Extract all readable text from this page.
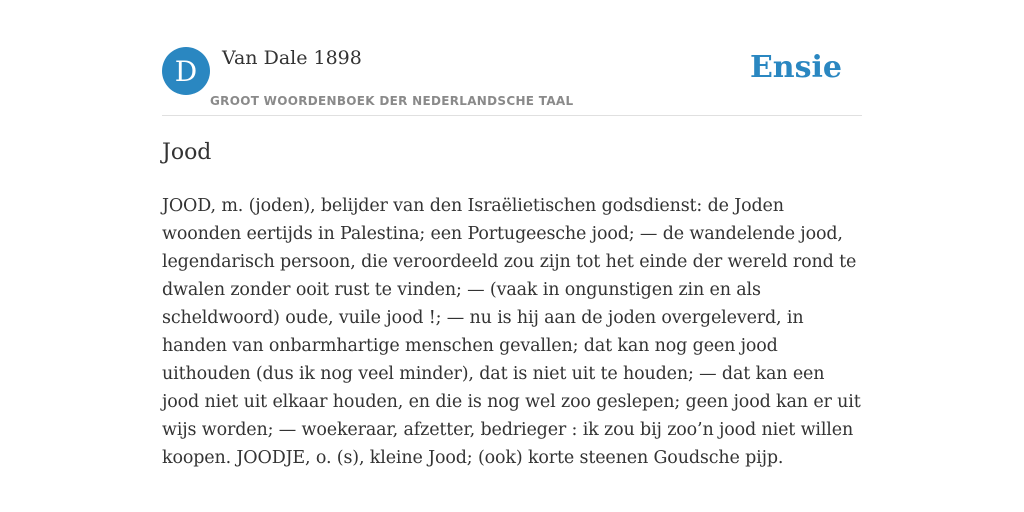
D	Van Dale 1898
GROOT WOORDENBOEK DER NEDERLANDSCHE TAAL
Ensie
Jood

JOOD, m. (joden), belijder van den Israëlietischen godsdienst: de Joden woonden eertijds in Palestina; een Portugeesche jood; — de wandelende jood, legendarisch persoon, die veroordeeld zou zijn tot het einde der wereld rond te dwalen zonder ooit rust te vinden; — (vaak in ongunstigen zin en als scheldwoord) oude, vuile jood !; — nu is hij aan de joden overgeleverd, in handen van onbarmhartige menschen gevallen; dat kan nog geen jood uithouden (dus ik nog veel minder), dat is niet uit te houden; — dat kan een jood niet uit elkaar houden, en die is nog wel zoo geslepen; geen jood kan er uit wijs worden; — woekeraar, afzetter, bedrieger : ik zou bij zoo’n jood niet willen koopen. JOODJE, o. (s), kleine Jood; (ook) korte steenen Goudsche pijp.
